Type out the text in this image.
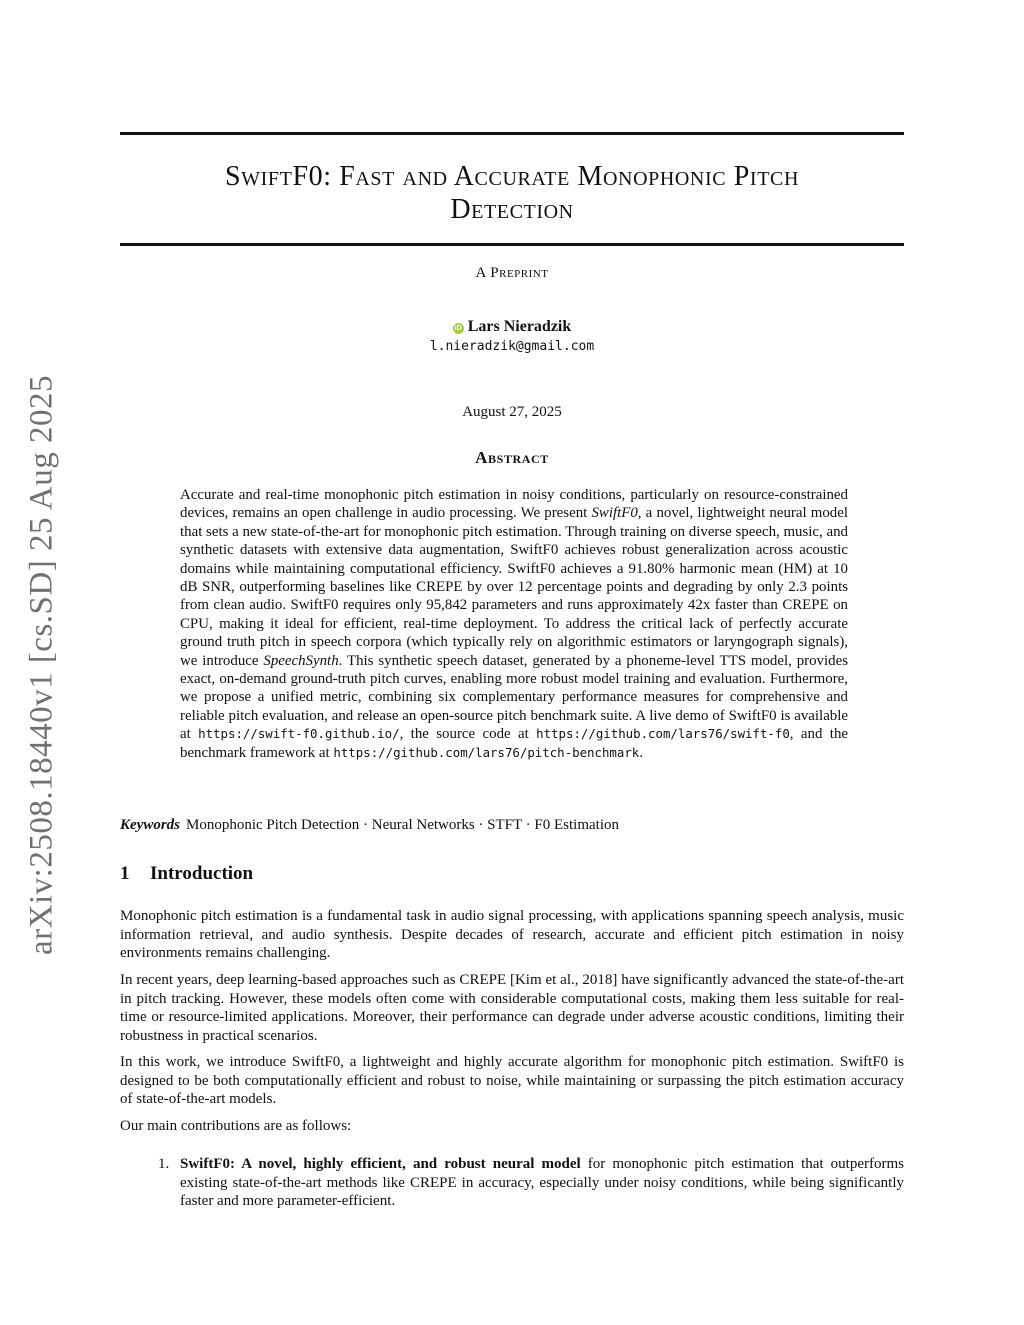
arXiv:2508.18440v1 [cs.SD] 25 Aug 2025
SwiftF0: Fast and Accurate Monophonic Pitch
Detection
A Preprint
iD Lars Nieradzik
l.nieradzik@gmail.com
August 27, 2025
Abstract
Accurate and real-time monophonic pitch estimation in noisy conditions, particularly on resource-constrained devices, remains an open challenge in audio processing. We present SwiftF0, a novel, lightweight neural model that sets a new state-of-the-art for monophonic pitch estimation. Through training on diverse speech, music, and synthetic datasets with extensive data augmentation, SwiftF0 achieves robust generalization across acoustic domains while maintaining computational efficiency. SwiftF0 achieves a 91.80% harmonic mean (HM) at 10 dB SNR, outperforming baselines like CREPE by over 12 percentage points and degrading by only 2.3 points from clean audio. SwiftF0 requires only 95,842 parameters and runs approximately 42x faster than CREPE on CPU, making it ideal for efficient, real-time deployment. To address the critical lack of perfectly accurate ground truth pitch in speech corpora (which typically rely on algorithmic estimators or laryngograph signals), we introduce SpeechSynth. This synthetic speech dataset, generated by a phoneme-level TTS model, provides exact, on-demand ground-truth pitch curves, enabling more robust model training and evaluation. Furthermore, we propose a unified metric, combining six complementary performance measures for comprehensive and reliable pitch evaluation, and release an open-source pitch benchmark suite. A live demo of SwiftF0 is available at https://swift-f0.github.io/, the source code at https://github.com/lars76/swift-f0, and the benchmark framework at https://github.com/lars76/pitch-benchmark.
Keywords Monophonic Pitch Detection · Neural Networks · STFT · F0 Estimation
1 Introduction
Monophonic pitch estimation is a fundamental task in audio signal processing, with applications spanning speech analysis, music information retrieval, and audio synthesis. Despite decades of research, accurate and efficient pitch estimation in noisy environments remains challenging.
In recent years, deep learning-based approaches such as CREPE [Kim et al., 2018] have significantly advanced the state-of-the-art in pitch tracking. However, these models often come with considerable computational costs, making them less suitable for real-time or resource-limited applications. Moreover, their performance can degrade under adverse acoustic conditions, limiting their robustness in practical scenarios.
In this work, we introduce SwiftF0, a lightweight and highly accurate algorithm for monophonic pitch estimation. SwiftF0 is designed to be both computationally efficient and robust to noise, while maintaining or surpassing the pitch estimation accuracy of state-of-the-art models.
Our main contributions are as follows:
1. SwiftF0: A novel, highly efficient, and robust neural model for monophonic pitch estimation that outperforms existing state-of-the-art methods like CREPE in accuracy, especially under noisy conditions, while being significantly faster and more parameter-efficient.
